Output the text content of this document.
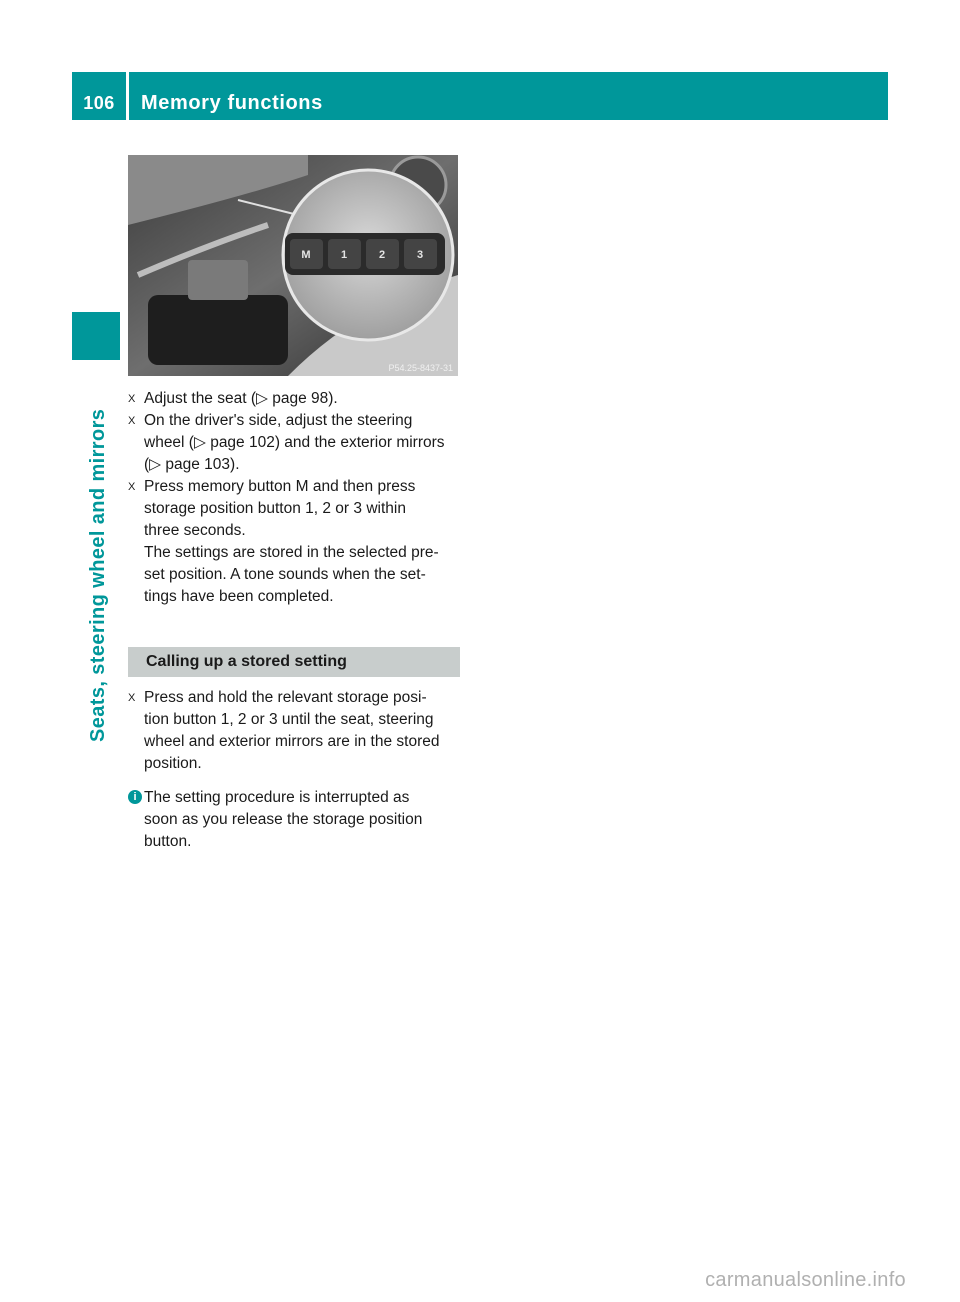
106	Memory functions
Seats, steering wheel and mirrors
M	1	2	3
P54.25-8437-31
X Adjust the seat (▷ page 98).
X On the driver's side, adjust the steering
wheel (▷ page 102) and the exterior mirrors
(▷ page 103).
X Press memory button M and then press
storage position button 1, 2 or 3 within
three seconds.
The settings are stored in the selected pre-
set position. A tone sounds when the set-
tings have been completed.
Calling up a stored setting
X Press and hold the relevant storage posi-
tion button 1, 2 or 3 until the seat, steering
wheel and exterior mirrors are in the stored
position.
i The setting procedure is interrupted as
soon as you release the storage position
button.
carmanualsonline.info
